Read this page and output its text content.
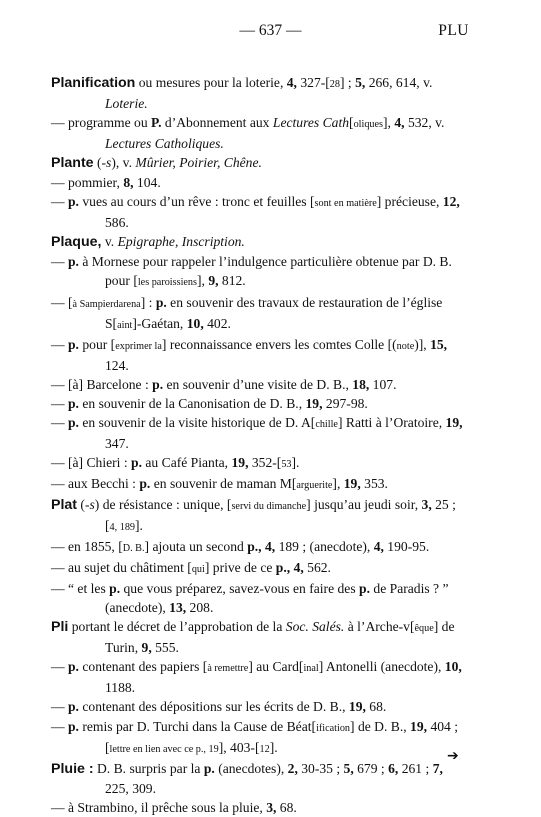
— 637 —	PLU
Planification ou mesures pour la loterie, 4, 327-[28] ; 5, 266, 614, v. Loterie.
— programme ou P. d’Abonnement aux Lectures Cath[oliques], 4, 532, v. Lectures Catholiques.
Plante (-s), v. Mûrier, Poirier, Chêne.
— pommier, 8, 104.
— p. vues au cours d’un rêve : tronc et feuilles [sont en matière] précieuse, 12, 586.
Plaque, v. Epigraphe, Inscription.
— p. à Mornese pour rappeler l’indulgence particulière obtenue par D. B. pour [les paroissiens], 9, 812.
— [à Sampierdarena] : p. en souvenir des travaux de restauration de l’église S[aint]-Gaétan, 10, 402.
— p. pour [exprimer la] reconnaissance envers les comtes Colle [(note)], 15, 124.
— [à] Barcelone : p. en souvenir d’une visite de D. B., 18, 107.
— p. en souvenir de la Canonisation de D. B., 19, 297-98.
— p. en souvenir de la visite historique de D. A[chille] Ratti à l’Oratoire, 19, 347.
— [à] Chieri : p. au Café Pianta, 19, 352-[53].
— aux Becchi : p. en souvenir de maman M[arguerite], 19, 353.
Plat (-s) de résistance : unique, [servi du dimanche] jusqu’au jeudi soir, 3, 25 ; [4, 189].
— en 1855, [D. B.] ajouta un second p., 4, 189 ; (anecdote), 4, 190-95.
— au sujet du châtiment [qui] prive de ce p., 4, 562.
— “ et les p. que vous préparez, savez-vous en faire des p. de Paradis ? ” (anecdote), 13, 208.
Pli portant le décret de l’approbation de la Soc. Salés. à l’Arche-v[êque] de Turin, 9, 555.
— p. contenant des papiers [à remettre] au Card[inal] Antonelli (anecdote), 10, 1188.
— p. contenant des dépositions sur les écrits de D. B., 19, 68.
— p. remis par D. Turchi dans la Cause de Béat[ification] de D. B., 19, 404 ; [lettre en lien avec ce p., 19], 403-[12].
Pluie : D. B. surpris par la p. (anecdotes), 2, 30-35 ; 5, 679 ; 6, 261 ; 7, 225, 309.
— à Strambino, il prêche sous la pluie, 3, 68.
➔
